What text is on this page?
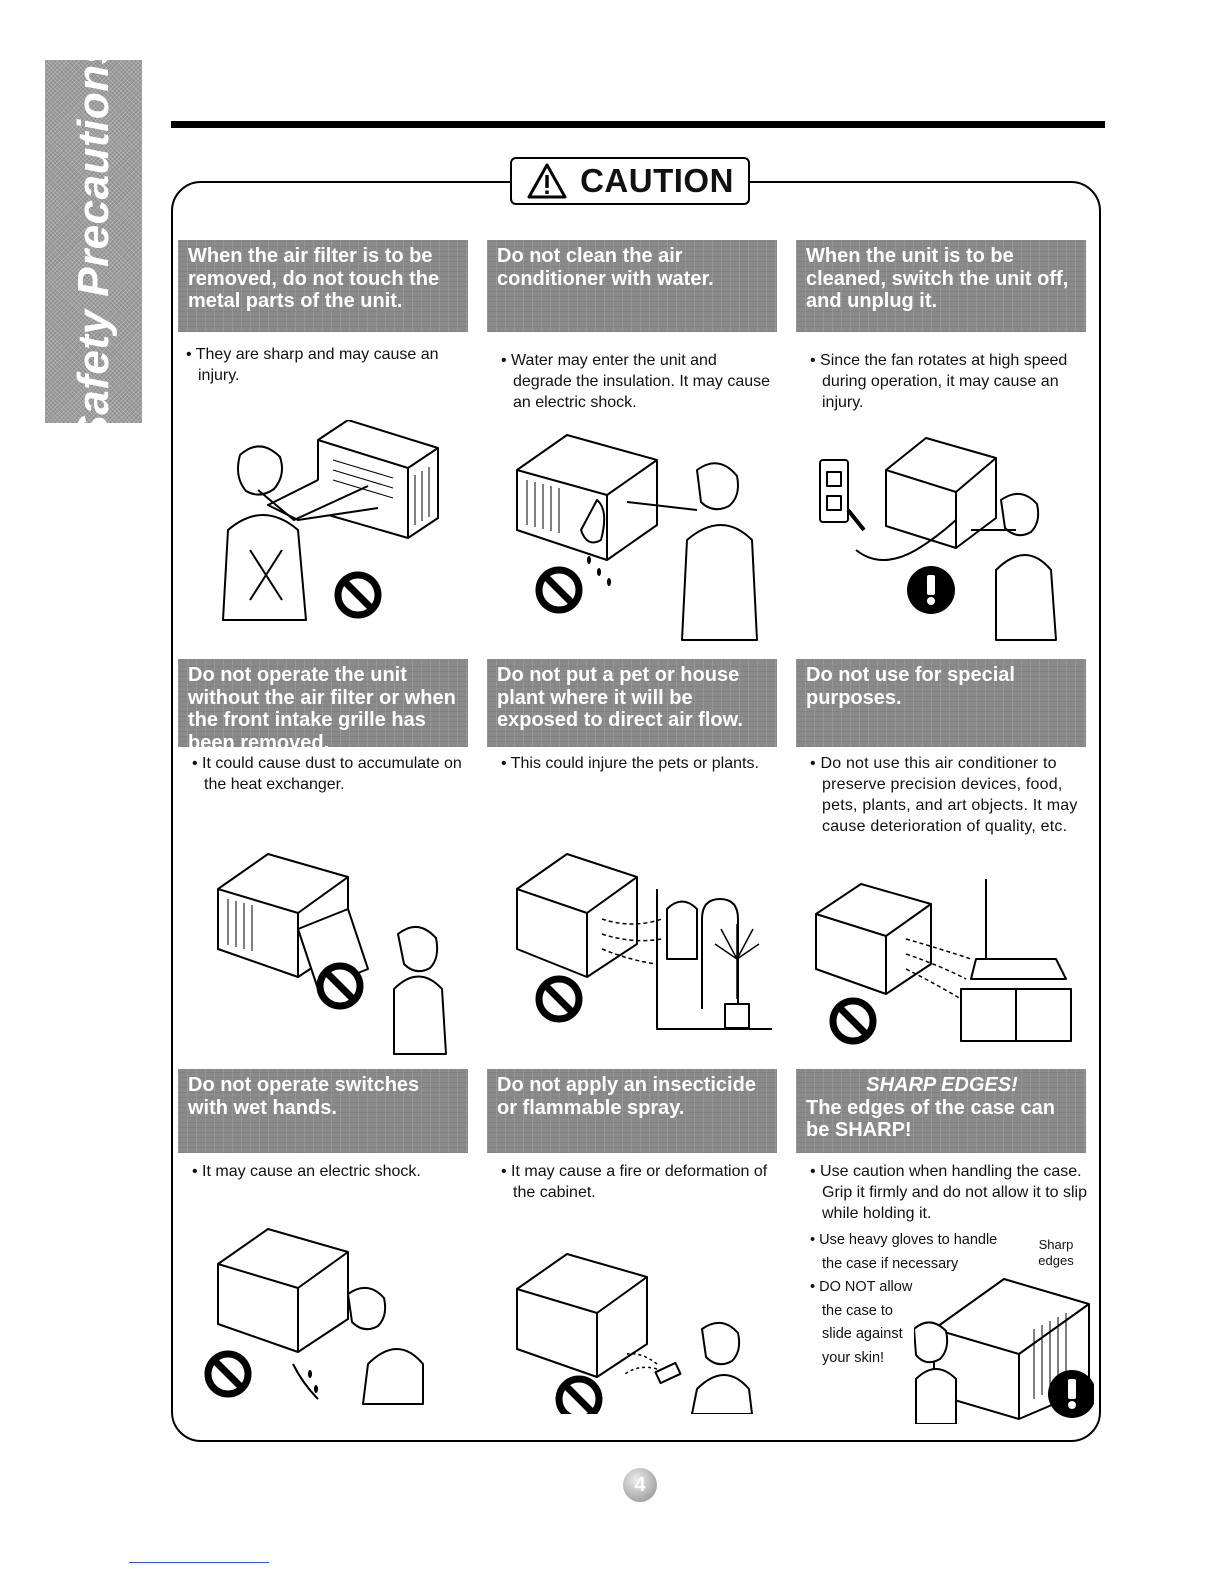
Safety Precautions	CAUTION
When the air filter is to be removed, do not touch the metal parts of the unit.
• They are sharp and may cause an injury.
Do not clean the air conditioner with water.
• Water may enter the unit and degrade the insulation. It may cause an electric shock.
When the unit is to be cleaned, switch the unit off, and unplug it.
• Since the fan rotates at high speed during operation, it may cause an injury.
Do not operate the unit without the air filter or when the front intake grille has been removed.
• It could cause dust to accumulate on the heat exchanger.
Do not put a pet or house plant where it will be exposed to direct air flow.
• This could injure the pets or plants.
Do not use for special purposes.
• Do not use this air conditioner to preserve precision devices, food, pets, plants, and art objects. It may cause deterioration of quality, etc.
Do not operate switches with wet hands.
• It may cause an electric shock.
Do not apply an insecticide or flammable spray.
• It may cause a fire or deformation of the cabinet.
SHARP EDGES!
The edges of the case can be SHARP!
• Use caution when handling the case. Grip it firmly and do not allow it to slip while holding it.
• Use heavy gloves to handle the case if necessary
• DO NOT allow the case to slide against your skin!
Sharp edges
4
